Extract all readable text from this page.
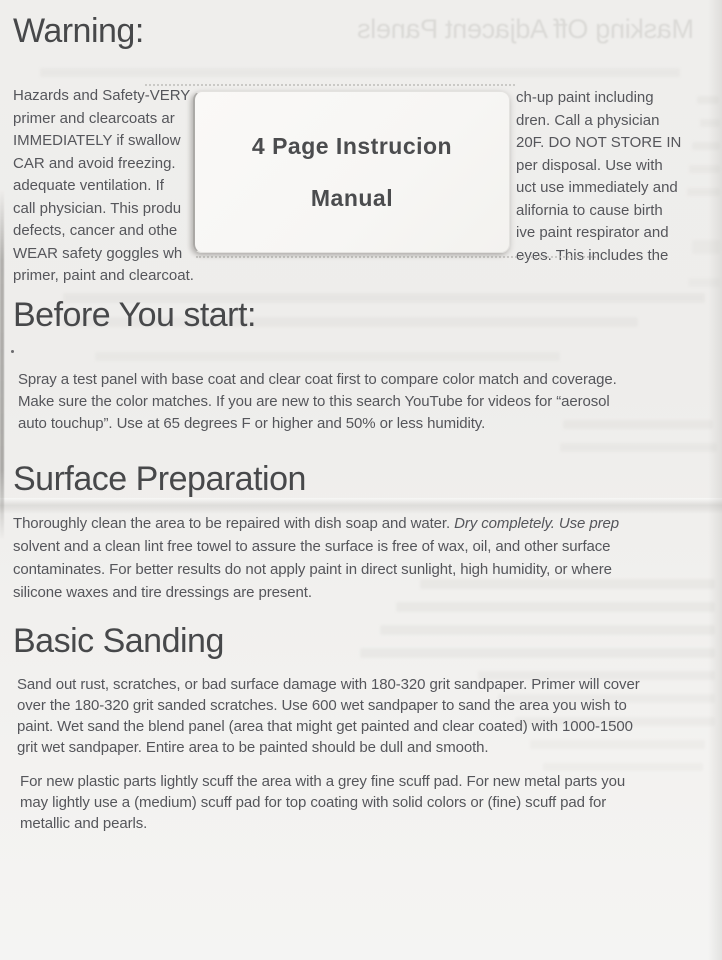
Masking Off Adjacent Panels
Warning:
Hazards and Safety-VERY	ch-up paint including
primer and clearcoats ar	dren. Call a physician
IMMEDIATELY if swallow	20F. DO NOT STORE IN
CAR and avoid freezing.	per disposal. Use with
adequate ventilation. If	uct use immediately and
call physician. This produ	alifornia to cause birth
defects, cancer and othe	ive paint respirator and
WEAR safety goggles wh	eyes. This includes the
primer, paint and clearcoat.
4 Page Instrucion
Manual
Before You start:
Spray a test panel with base coat and clear coat first to compare color match and coverage.
Make sure the color matches. If you are new to this search YouTube for videos for “aerosol
auto touchup”. Use at 65 degrees F or higher and 50% or less humidity.
Surface Preparation
Thoroughly clean the area to be repaired with dish soap and water. Dry completely. Use prep
solvent and a clean lint free towel to assure the surface is free of wax, oil, and other surface
contaminates. For better results do not apply paint in direct sunlight, high humidity, or where
silicone waxes and tire dressings are present.
Basic Sanding
Sand out rust, scratches, or bad surface damage with 180-320 grit sandpaper. Primer will cover
over the 180-320 grit sanded scratches. Use 600 wet sandpaper to sand the area you wish to
paint. Wet sand the blend panel (area that might get painted and clear coated) with 1000-1500
grit wet sandpaper. Entire area to be painted should be dull and smooth.
For new plastic parts lightly scuff the area with a grey fine scuff pad. For new metal parts you
may lightly use a (medium) scuff pad for top coating with solid colors or (fine) scuff pad for
metallic and pearls.
